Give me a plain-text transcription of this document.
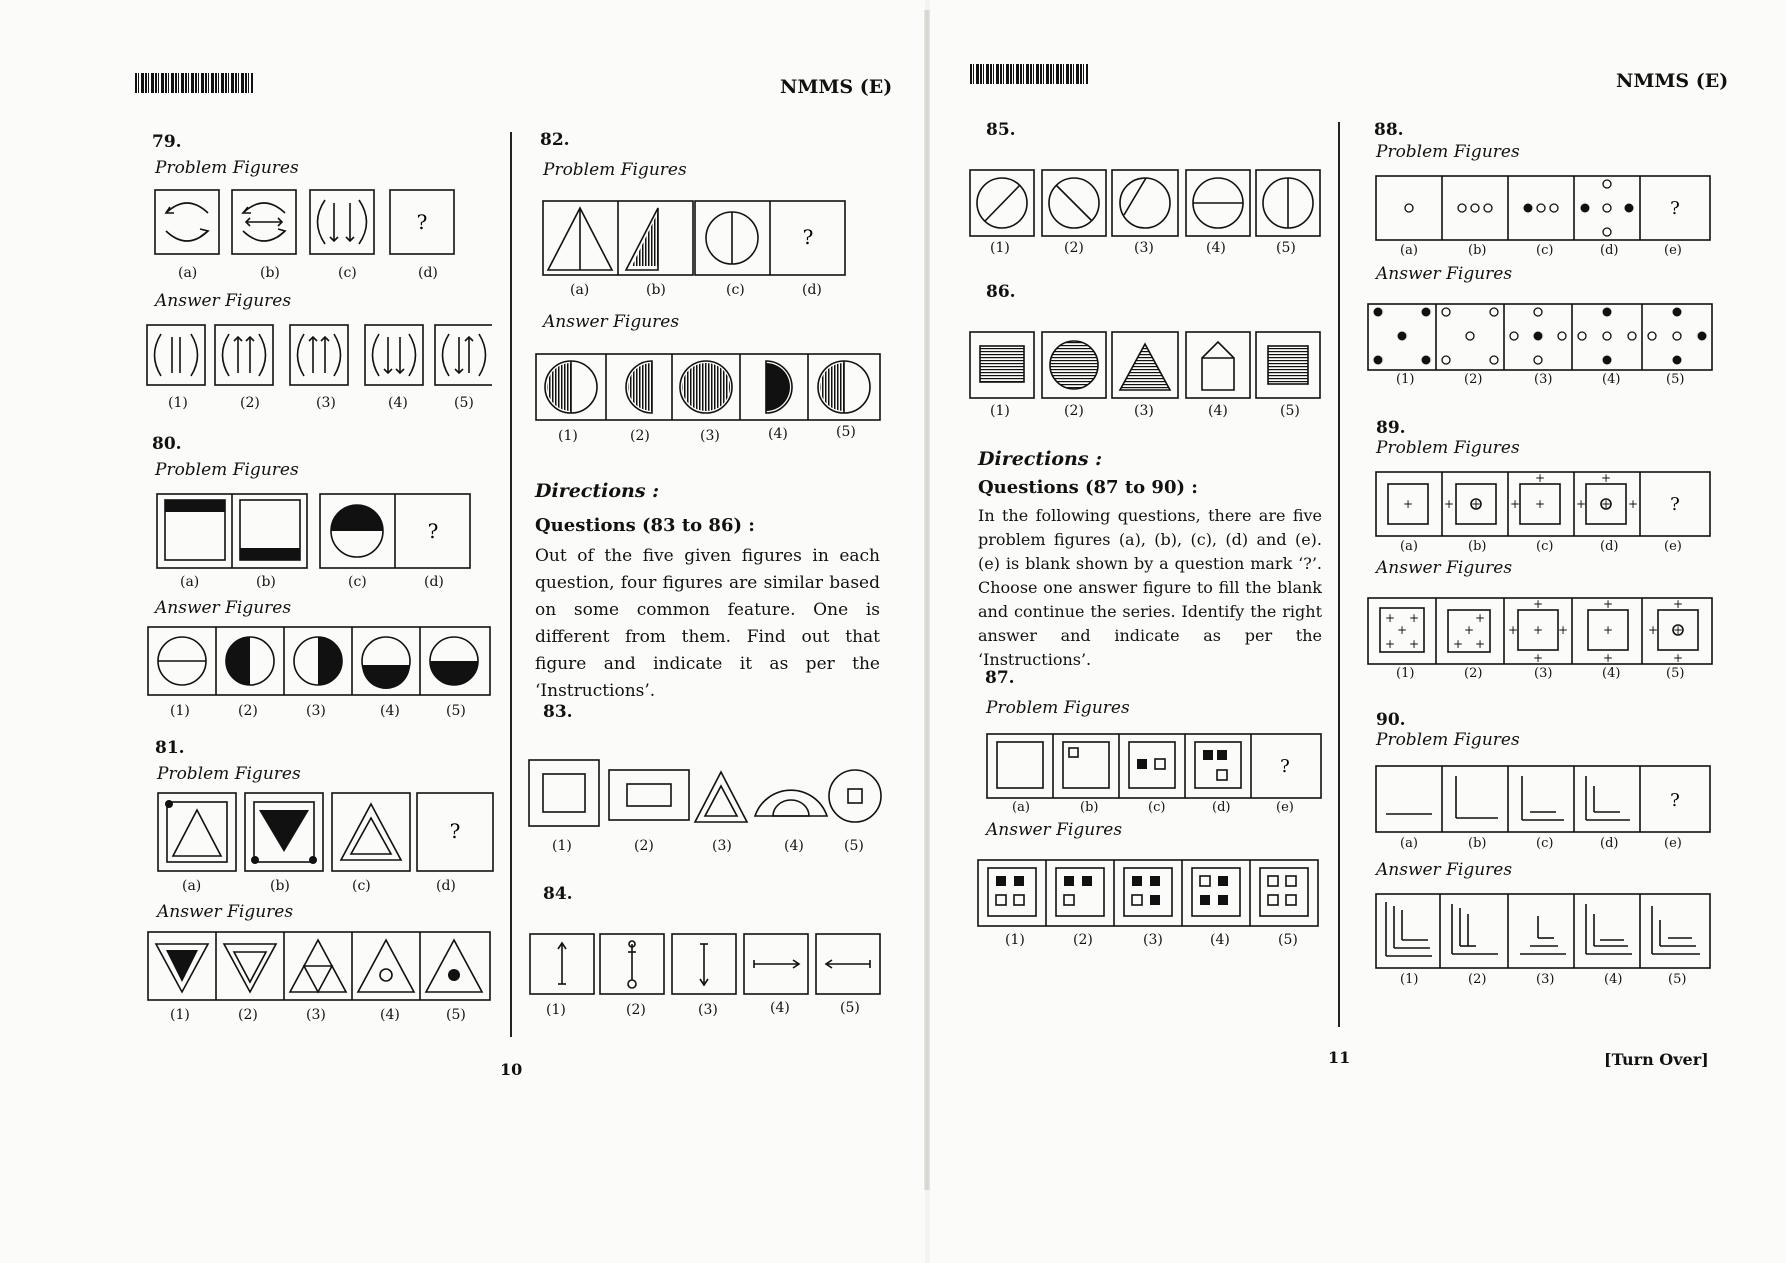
NMMS (E)	NMMS (E)
79.
Problem Figures
?
(a)	(b)	(c)	(d)
Answer Figures
(1)	(2)	(3)	(4)	(5)
80.
Problem Figures
?
(a)	(b)	(c)	(d)
Answer Figures
(1)	(2)	(3)	(4)	(5)
81.
Problem Figures
?
(a)	(b)	(c)	(d)
Answer Figures
(1)	(2)	(3)	(4)	(5)
82.
Problem Figures
?
(a)	(b)	(c)	(d)
Answer Figures
(1)	(2)	(3)	(4)	(5)
Directions :
Questions (83 to 86) :
Out of the five given figures in each question, four figures are similar based on some common feature. One is different from them. Find out that figure and indicate it as per the ‘Instructions’.
83.
(1)	(2)	(3)	(4)	(5)
84.
(1)	(2)	(3)	(4)	(5)
10
85.
(1)	(2)	(3)	(4)	(5)
86.
(1)	(2)	(3)	(4)	(5)
Directions :
Questions (87 to 90) :
In the following questions, there are five problem figures (a), (b), (c), (d) and (e). (e) is blank shown by a question mark ‘?’. Choose one answer figure to fill the blank and continue the series. Identify the right answer and indicate as per the ‘Instructions’.
87.
Problem Figures
?
(a)	(b)	(c)	(d)	(e)
Answer Figures
(1)	(2)	(3)	(4)	(5)
88.
Problem Figures
?
(a)	(b)	(c)	(d)	(e)
Answer Figures
(1)	(2)	(3)	(4)	(5)
89.
Problem Figures
+	+
+	+
+
+
+
+
+
+ ?
(a)	(b)	(c)	(d)	(e)
Answer Figures
+ +
+
+ +
+
+
+ +
+
+
+
+
+
+
+
+
+
+
+
+
(1)	(2)	(3)	(4)	(5)
90.
Problem Figures
?
(a)	(b)	(c)	(d)	(e)
Answer Figures
(1)	(2)	(3)	(4)	(5)
11	[Turn Over]
